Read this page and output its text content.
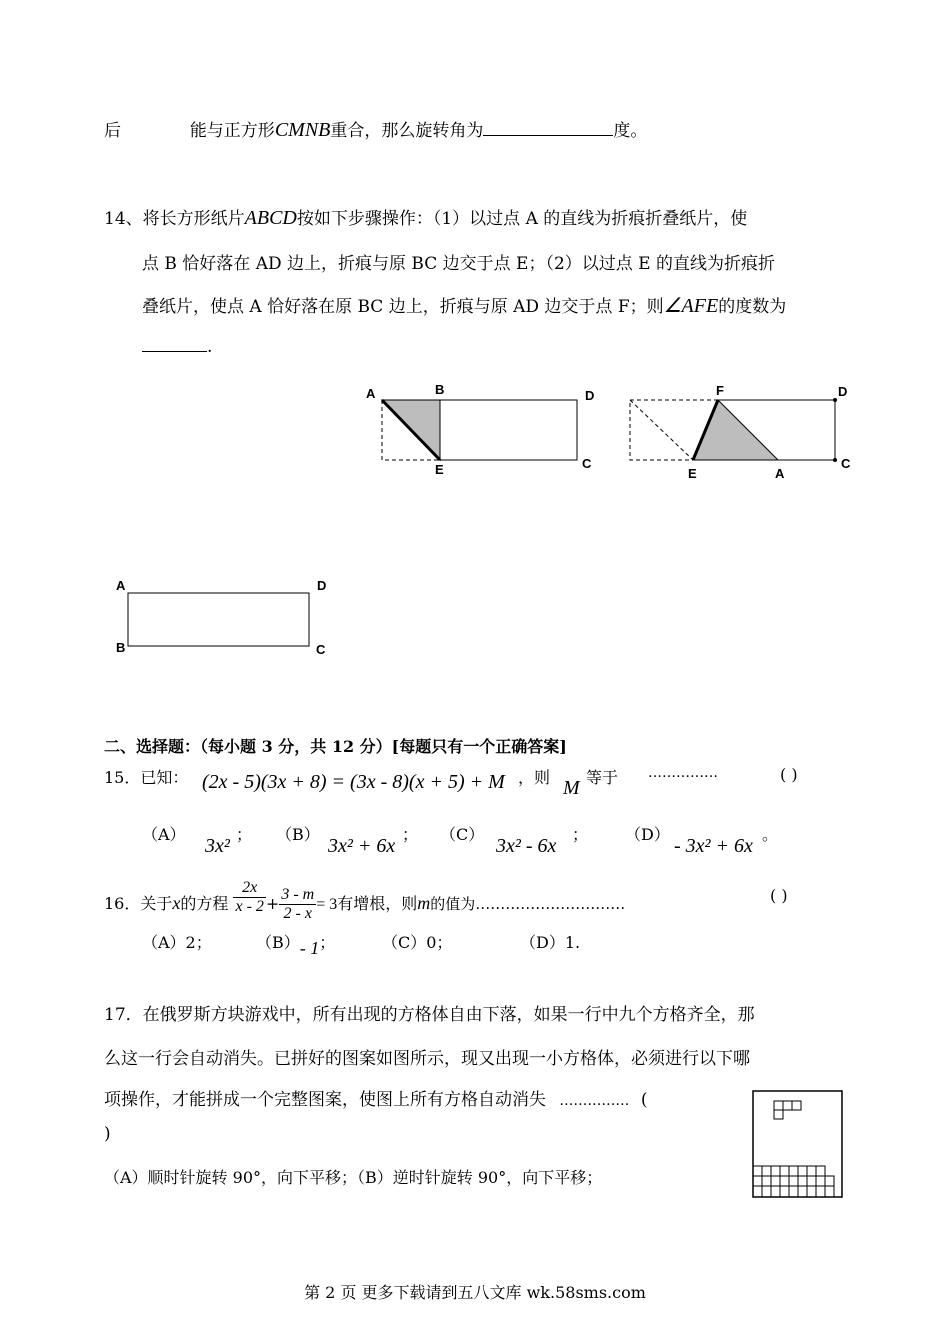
后	能与正方形CMNB重合，那么旋转角为	度。
14、将长方形纸片ABCD按如下步骤操作：（1）以过点 A 的直线为折痕折叠纸片，使
点 B 恰好落在 AD 边上，折痕与原 BC 边交于点 E；（2）以过点 E 的直线为折痕折
叠纸片，使点 A 恰好落在原 BC 边上，折痕与原 AD 边交于点 F；则∠AFE的度数为
.
A	B	D
E	C
F	D
E	A
C
A	D
B	C
二、选择题：（每小题 3 分，共 12 分）[每题只有一个正确答案]
15．已知： (2x - 5)(3x + 8) = (3x - 8)(x + 5) + M ，则 M 等于 ……………	( )
（A）
3x²
； （B）
3x² + 6x
； （C）
3x² - 6x
； （D）
- 3x² + 6x
。
16．关于x的方程 $\frac{2x}{x - 2} + \frac{3 - m}{2 - x} = 3$有增根，则m的值为…………………………	( )
（A）2；	（B）- 1；	（C）0；	（D）1.
17．在俄罗斯方块游戏中，所有出现的方格体自由下落，如果一行中九个方格齐全，那
么这一行会自动消失。已拼好的图案如图所示，现又出现一小方格体，必须进行以下哪
项操作，才能拼成一个完整图案，使图上所有方格自动消失 …………… (
)
（A）顺时针旋转 90°，向下平移；（B）逆时针旋转 90°，向下平移；
第 2 页 更多下载请到五八文库 wk.58sms.com
